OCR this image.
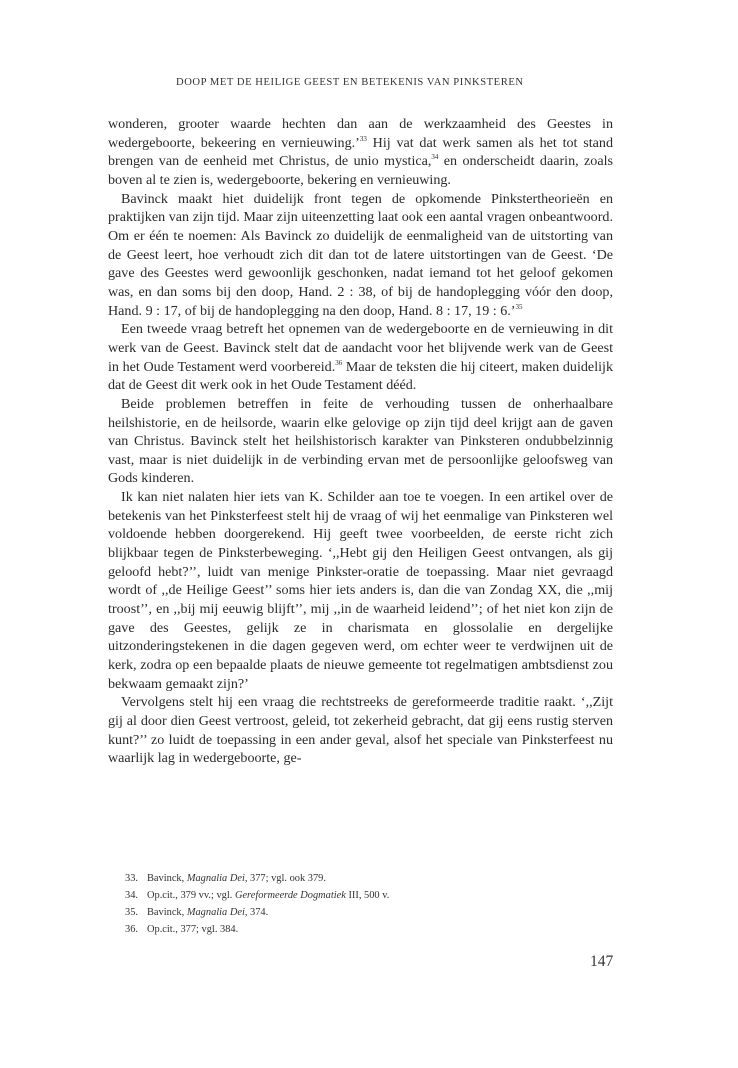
DOOP MET DE HEILIGE GEEST EN BETEKENIS VAN PINKSTEREN

wonderen, grooter waarde hechten dan aan de werkzaamheid des Geestes in wedergeboorte, bekeering en vernieuwing.’$^{33}$ Hij vat dat werk samen als het tot stand brengen van de eenheid met Christus, de unio mystica,$^{34}$ en onderscheidt daarin, zoals boven al te zien is, wedergeboorte, bekering en vernieuwing.

Bavinck maakt hiet duidelijk front tegen de opkomende Pinkstertheorieën en praktijken van zijn tijd. Maar zijn uiteenzetting laat ook een aantal vragen onbeantwoord. Om er één te noemen: Als Bavinck zo duidelijk de eenmaligheid van de uitstorting van de Geest leert, hoe verhoudt zich dit dan tot de latere uitstortingen van de Geest. ‘De gave des Geestes werd gewoonlijk geschonken, nadat iemand tot het geloof gekomen was, en dan soms bij den doop, Hand. 2 : 38, of bij de handoplegging vóór den doop, Hand. 9 : 17, of bij de handoplegging na den doop, Hand. 8 : 17, 19 : 6.’$^{35}$

Een tweede vraag betreft het opnemen van de wedergeboorte en de vernieuwing in dit werk van de Geest. Bavinck stelt dat de aandacht voor het blijvende werk van de Geest in het Oude Testament werd voorbereid.$^{36}$ Maar de teksten die hij citeert, maken duidelijk dat de Geest dit werk ook in het Oude Testament dééd.

Beide problemen betreffen in feite de verhouding tussen de onherhaalbare heilshistorie, en de heilsorde, waarin elke gelovige op zijn tijd deel krijgt aan de gaven van Christus. Bavinck stelt het heilshistorisch karakter van Pinksteren ondubbelzinnig vast, maar is niet duidelijk in de verbinding ervan met de persoonlijke geloofsweg van Gods kinderen.

Ik kan niet nalaten hier iets van K. Schilder aan toe te voegen. In een artikel over de betekenis van het Pinksterfeest stelt hij de vraag of wij het eenmalige van Pinksteren wel voldoende hebben doorgerekend. Hij geeft twee voorbeelden, de eerste richt zich blijkbaar tegen de Pinksterbeweging. ‘,,Hebt gij den Heiligen Geest ontvangen, als gij geloofd hebt?’’, luidt van menige Pinkster-oratie de toepassing. Maar niet gevraagd wordt of ,,de Heilige Geest’’ soms hier iets anders is, dan die van Zondag XX, die ,,mij troost’’, en ,,bij mij eeuwig blijft’’, mij ,,in de waarheid leidend’’; of het niet kon zijn de gave des Geestes, gelijk ze in charismata en glossolalie en dergelijke uitzonderingstekenen in die dagen gegeven werd, om echter weer te verdwijnen uit de kerk, zodra op een bepaalde plaats de nieuwe gemeente tot regelmatigen ambtsdienst zou bekwaam gemaakt zijn?’

Vervolgens stelt hij een vraag die rechtstreeks de gereformeerde traditie raakt. ‘,,Zijt gij al door dien Geest vertroost, geleid, tot zekerheid gebracht, dat gij eens rustig sterven kunt?’’ zo luidt de toepassing in een ander geval, alsof het speciale van Pinksterfeest nu waarlijk lag in wedergeboorte, ge-

33. Bavinck, Magnalia Dei, 377; vgl. ook 379.
34. Op.cit., 379 vv.; vgl. Gereformeerde Dogmatiek III, 500 v.
35. Bavinck, Magnalia Dei, 374.
36. Op.cit., 377; vgl. 384.
147
